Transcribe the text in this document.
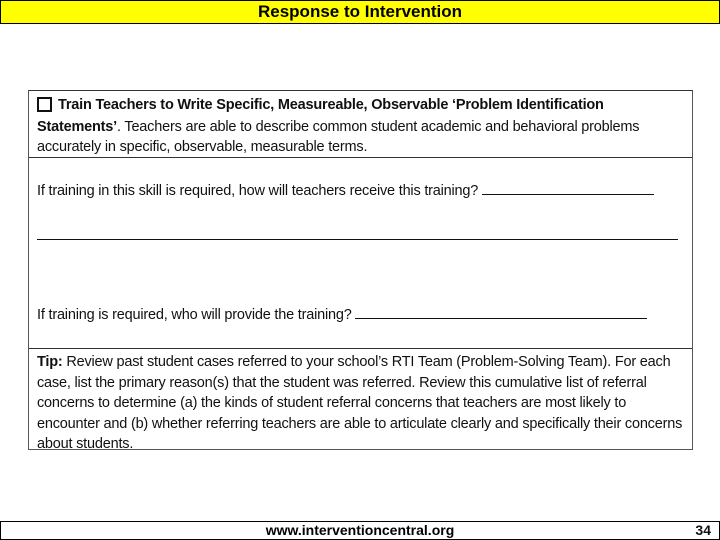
Response to Intervention
Train Teachers to Write Specific, Measureable, Observable ‘Problem Identification
Statements’. Teachers are able to describe common student academic and behavioral problems accurately in specific, observable, measurable terms.
If training in this skill is required, how will teachers receive this training?
If training is required, who will provide the training?
Tip: Review past student cases referred to your school’s RTI Team (Problem-Solving Team). For each case, list the primary reason(s) that the student was referred. Review this cumulative list of referral concerns to determine (a) the kinds of student referral concerns that teachers are most likely to encounter and (b) whether referring teachers are able to articulate clearly and specifically their concerns about students.
www.interventioncentral.org	34
